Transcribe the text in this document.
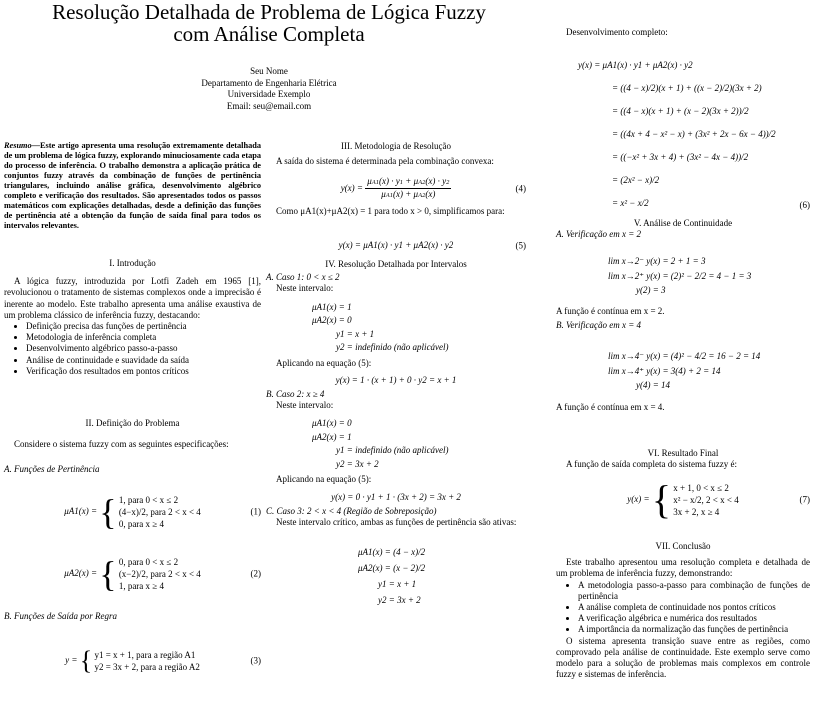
Resolução Detalhada de Problema de Lógica Fuzzy
com Análise Completa
Seu Nome
Departamento de Engenharia Elétrica
Universidade Exemplo
Email: seu@email.com
Resumo—Este artigo apresenta uma resolução extremamente detalhada de um problema de lógica fuzzy, explorando minuciosamente cada etapa do processo de inferência. O trabalho demonstra a aplicação prática de conjuntos fuzzy através da combinação de funções de pertinência triangulares, incluindo análise gráfica, desenvolvimento algébrico completo e verificação dos resultados. São apresentados todos os passos matemáticos com explicações detalhadas, desde a definição das funções de pertinência até a obtenção da função de saída final para todos os intervalos relevantes.
I. Introdução
A lógica fuzzy, introduzida por Lotfi Zadeh em 1965 [1], revolucionou o tratamento de sistemas complexos onde a imprecisão é inerente ao modelo. Este trabalho apresenta uma análise exaustiva de um problema clássico de inferência fuzzy, destacando:
• Definição precisa das funções de pertinência
• Metodologia de inferência completa
• Desenvolvimento algébrico passo-a-passo
• Análise de continuidade e suavidade da saída
• Verificação dos resultados em pontos críticos
II. Definição do Problema
Considere o sistema fuzzy com as seguintes especificações:
A. Funções de Pertinência
μA1(x) = { 1, para 0 < x ≤ 2
(4−x)/2, para 2 < x < 4
0, para x ≥ 4
(1)
μA2(x) = { 0, para 0 < x ≤ 2
(x−2)/2, para 2 < x < 4
1, para x ≥ 4
(2)
B. Funções de Saída por Regra
y = { y1 = x + 1, para a região A1
y2 = 3x + 2, para a região A2
(3)
III. Metodologia de Resolução
A saída do sistema é determinada pela combinação convexa:
$y(x) = \frac{\mu A1(x) \cdot y1 + \mu A2(x) \cdot y2}{\mu A1(x) + \mu A2(x)}$	(4)
Como μA1(x)+μA2(x) = 1 para todo x > 0, simplificamos para:
y(x) = μA1(x) · y1 + μA2(x) · y2	(5)
IV. Resolução Detalhada por Intervalos
A. Caso 1: 0 < x ≤ 2
Neste intervalo:
μA1(x) = 1
μA2(x) = 0
y1 = x + 1
y2 = indefinido (não aplicável)
Aplicando na equação (5):
y(x) = 1 · (x + 1) + 0 · y2 = x + 1
B. Caso 2: x ≥ 4
Neste intervalo:
μA1(x) = 0
μA2(x) = 1
y1 = indefinido (não aplicável)
y2 = 3x + 2
Aplicando na equação (5):
y(x) = 0 · y1 + 1 · (3x + 2) = 3x + 2
C. Caso 3: 2 < x < 4 (Região de Sobreposição)
Neste intervalo crítico, ambas as funções de pertinência são ativas:
μA1(x) = (4 − x)/2
μA2(x) = (x − 2)/2
y1 = x + 1
y2 = 3x + 2
Desenvolvimento completo:
y(x) = μA1(x) · y1 + μA2(x) · y2
= ((4 − x)/2)(x + 1) + ((x − 2)/2)(3x + 2)
= ((4 − x)(x + 1) + (x − 2)(3x + 2))/2
= ((4x + 4 − x² − x) + (3x² + 2x − 6x − 4))/2
= ((−x² + 3x + 4) + (3x² − 4x − 4))/2
= (2x² − x)/2
= x² − x/2	(6)
V. Análise de Continuidade
A. Verificação em x = 2
lim x→2⁻ y(x) = 2 + 1 = 3
lim x→2⁺ y(x) = (2)² − 2/2 = 4 − 1 = 3
y(2) = 3
A função é contínua em x = 2.
B. Verificação em x = 4
lim x→4⁻ y(x) = (4)² − 4/2 = 16 − 2 = 14
lim x→4⁺ y(x) = 3(4) + 2 = 14
y(4) = 14
A função é contínua em x = 4.
VI. Resultado Final
A função de saída completa do sistema fuzzy é:
y(x) = { x + 1, 0 < x ≤ 2
x² − x/2, 2 < x < 4
3x + 2, x ≥ 4
(7)
VII. Conclusão
Este trabalho apresentou uma resolução completa e detalhada de um problema de inferência fuzzy, demonstrando:
• A metodologia passo-a-passo para combinação de funções de pertinência
• A análise completa de continuidade nos pontos críticos
• A verificação algébrica e numérica dos resultados
• A importância da normalização das funções de pertinência
O sistema apresenta transição suave entre as regiões, como comprovado pela análise de continuidade. Este exemplo serve como modelo para a solução de problemas mais complexos em controle fuzzy e sistemas de inferência.
